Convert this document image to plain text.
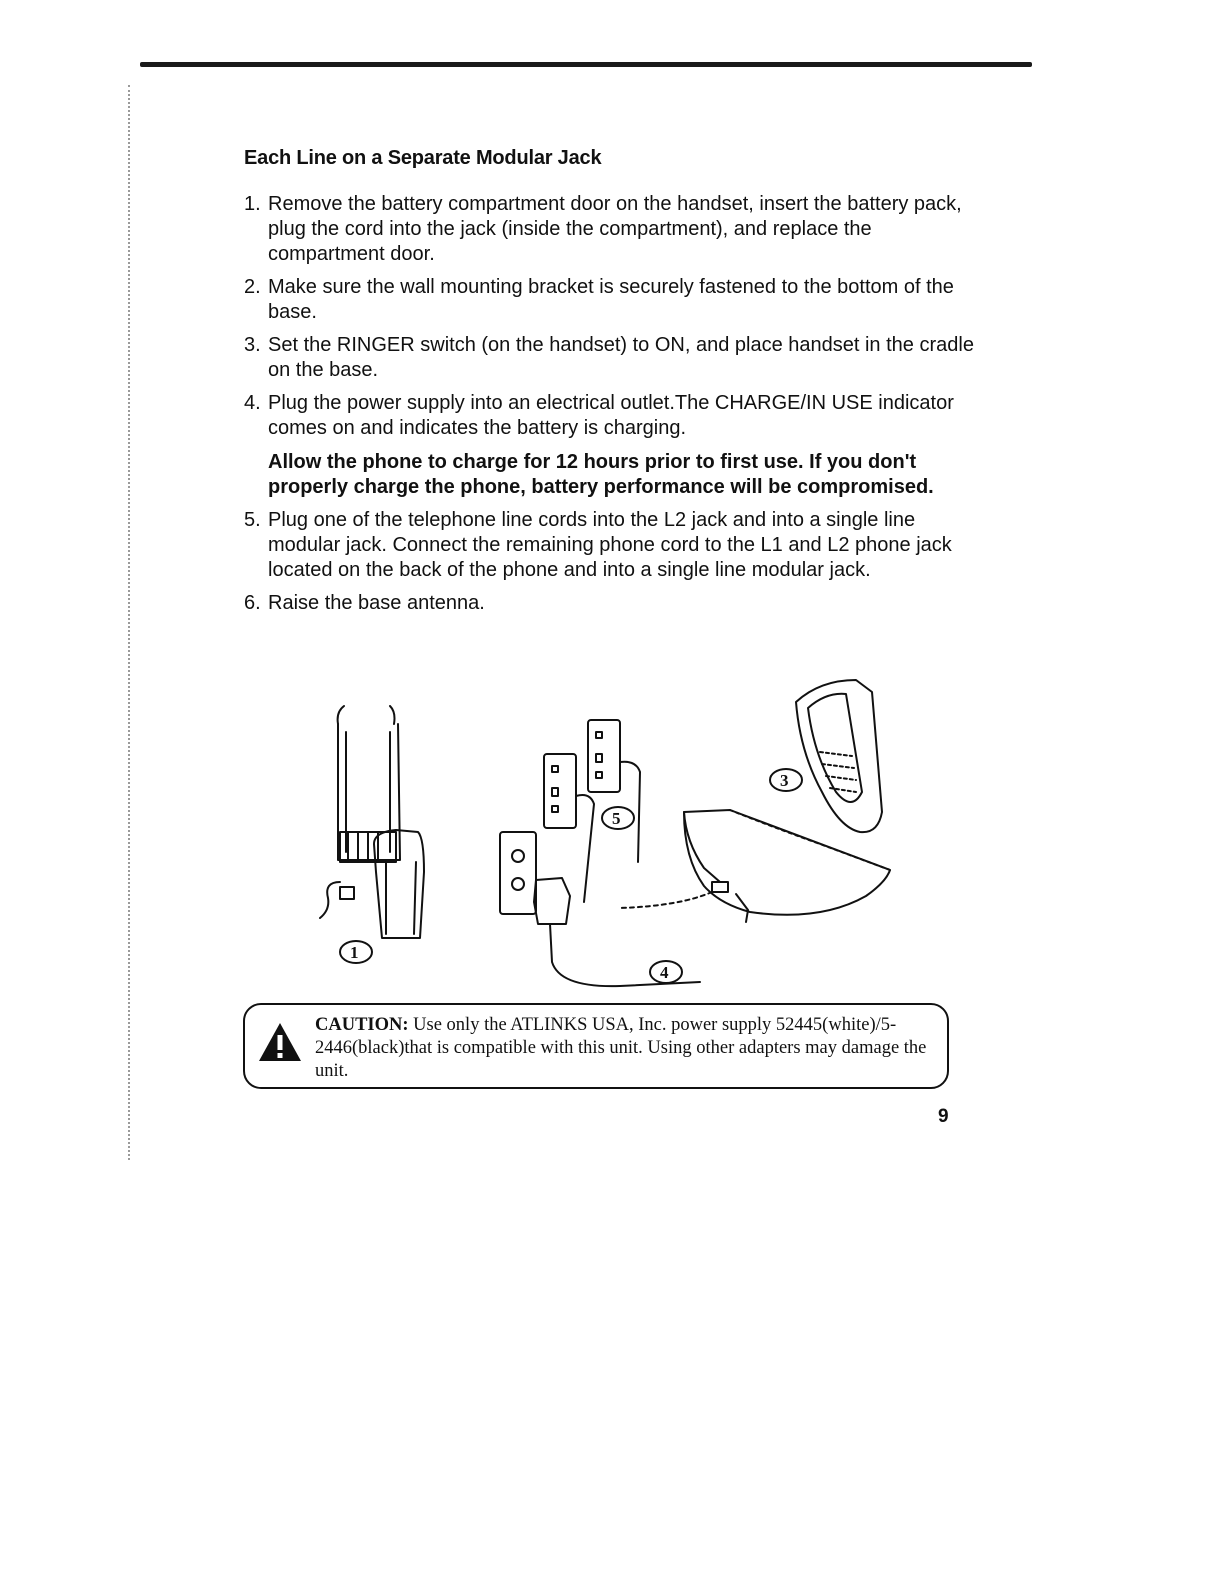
Each Line on a Separate Modular Jack
1. Remove the battery compartment door on the handset, insert the battery pack, plug the cord into the jack (inside the compartment), and replace the compartment door.
2. Make sure the wall mounting bracket is securely fastened to the bottom of the base.
3. Set the RINGER switch (on the handset) to ON, and place handset in the cradle on the base.
4. Plug the power supply into an electrical outlet.The CHARGE/IN USE indicator comes on and indicates the battery is charging.
Allow the phone to charge for 12 hours prior to first use. If you don't properly charge the phone, battery performance will be compromised.
5. Plug one of the telephone line cords into the L2 jack and into a single line modular jack. Connect the remaining phone cord to the L1 and L2 phone jack located on the back of the phone and into a single line modular jack.
6. Raise the base antenna.
1
5
3
4
CAUTION: Use only the ATLINKS USA, Inc. power supply 52445(white)/5-2446(black)that is compatible with this unit. Using other adapters may damage the unit.
9
